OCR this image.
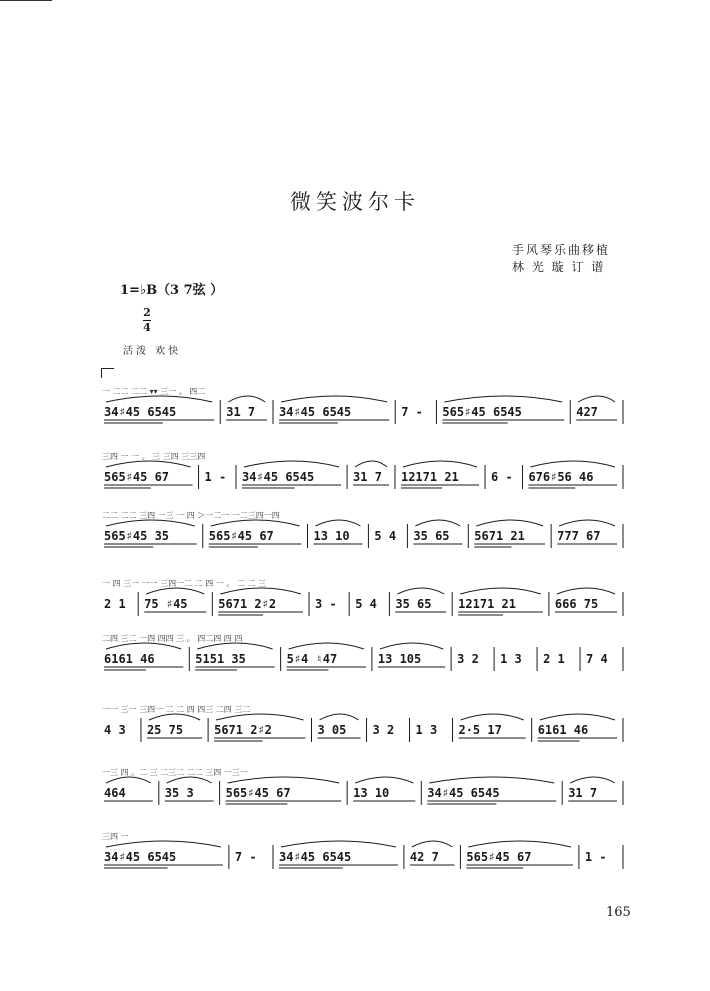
微笑波尔卡
手风琴乐曲移植
林 光 璇 订 谱
1=♭B（3 7弦 ）
2
4
活泼 欢快
一 二二 二二 ▾▾ 三一 。 四二
34♯45 6545	31 7 34♯45 6545	7 - 565♯45 6545	427
三四 一 一 。 三 三四 三三四
565♯45 67	1 - 34♯45 6545	31 7 12171 21	6 - 676♯56 46
二二 二二 三四 一三 一 四 ＞一二一 一二三四一四
565♯45 35	565♯45 67	13 10 5 4 35 65 5671 21	777 67
一 四 三一 一一 三四一二 二 四 一 。 二 二 三
2 1 75 ♯45	5671 2♯2	3 - 5 4 35 65 12171 21	666 75
二四 三二 一四 四四 三 。 四二四 四 四
6161 46	5151 35	5♯4 ♮47	13 105	3 2 1 3 2 1 7 4
一一 三一 三四一 二 二 四 四三 二四 三二
4 3 25 75	5671 2♯2	3 05 3 2 1 3 2·5 17	6161 46
一三 四 。二 三 二三二 二二 三四 一三一
464	35 3	565♯45 67	13 10	34♯45 6545	31 7
三四 一
34♯45 6545	7 - 34♯45 6545	42 7 565♯45 67	1 -
165
